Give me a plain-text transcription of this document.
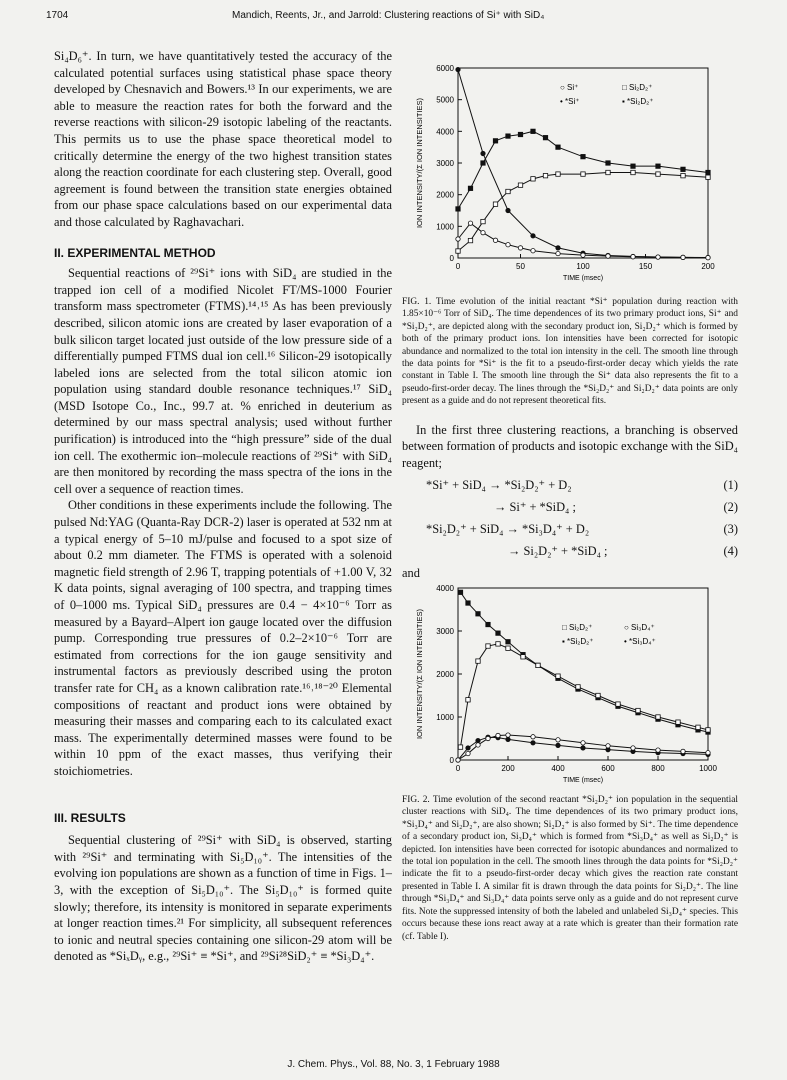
1704	Mandich, Reents, Jr., and Jarrold: Clustering reactions of Si⁺ with SiD₄

Si₄D₆⁺. In turn, we have quantitatively tested the accuracy of the calculated potential surfaces using statistical phase space theory developed by Chesnavich and Bowers.¹³ In our experiments, we are able to measure the reaction rates for both the forward and the reverse reactions with silicon-29 isotopic labeling of the reactants. This permits us to use the phase space theoretical model to critically determine the energy of the two highest transition states along the reaction coordinate for each clustering step. Overall, good agreement is found between the transition state energies obtained from our phase space calculations based on our experimental data and those calculated by Raghavachari.

II. EXPERIMENTAL METHOD

Sequential reactions of ²⁹Si⁺ ions with SiD₄ are studied in the trapped ion cell of a modified Nicolet FT/MS-1000 Fourier transform mass spectrometer (FTMS).¹⁴˒¹⁵ As has been previously described, silicon atomic ions are created by laser evaporation of a bulk silicon target located just outside of the low pressure side of a differentially pumped FTMS dual ion cell.¹⁶ Silicon-29 isotopically labeled ions are selected from the total silicon atomic ion population using standard double resonance techniques.¹⁷ SiD₄ (MSD Isotope Co., Inc., 99.7 at. % enriched in deuterium as determined by our mass spectral analysis; used without further purification) is introduced into the “high pressure” side of the dual ion cell. The exothermic ion–molecule reactions of ²⁹Si⁺ with SiD₄ are then monitored by recording the mass spectra of the ions in the cell over a sequence of reaction times.

Other conditions in these experiments include the following. The pulsed Nd:YAG (Quanta-Ray DCR-2) laser is operated at 532 nm at a typical energy of 5–10 mJ/pulse and focused to a spot size of about 0.2 mm diameter. The FTMS is operated with a solenoid magnetic field strength of 2.96 T, trapping potentials of +1.00 V, 32 K data points, signal averaging of 100 spectra, and trapping times of 0–1000 ms. Typical SiD₄ pressures are 0.4 − 4×10⁻⁶ Torr as measured by a Bayard–Alpert ion gauge located over the diffusion pump. Corresponding true pressures of 0.2–2×10⁻⁶ Torr are estimated from corrections for the ion gauge sensitivity and instrumental factors as previously described using the proton transfer rate for CH₄ as a known calibration rate.¹⁶˒¹⁸⁻²⁰ Elemental compositions of reactant and product ions were obtained by measuring their masses and comparing each to its calculated exact mass. The experimentally determined masses were found to be within 10 ppm of the exact masses, thus verifying their stoichiometries.

III. RESULTS

Sequential clustering of ²⁹Si⁺ with SiD₄ is observed, starting with ²⁹Si⁺ and terminating with Si₅D₁₀⁺. The intensities of the evolving ion populations are shown as a function of time in Figs. 1–3, with the exception of Si₅D₁₀⁺. The Si₅D₁₀⁺ is formed quite slowly; therefore, its intensity is monitored in separate experiments at longer reaction times.²¹ For simplicity, all subsequent references to ionic and neutral species containing one silicon-29 atom will be denoted as *SiₓDᵧ, e.g., ²⁹Si⁺ ≡ *Si⁺, and ²⁹Si²⁸SiD₂⁺ ≡ *Si₃D₄⁺.

0	50	100	150	200
0
1000
2000
3000
4000
5000
6000
TIME (msec)
ION INTENSITY/(Σ ION INTENSITIES)
○ Si⁺	□ Si₂D₂⁺
• *Si⁺	▪ *Si₂D₂⁺

FIG. 1. Time evolution of the initial reactant *Si⁺ population during reaction with 1.85×10⁻⁶ Torr of SiD₄. The time dependences of its two primary product ions, Si⁺ and *Si₂D₂⁺, are depicted along with the secondary product ion, Si₂D₂⁺ which is formed by both of the primary product ions. Ion intensities have been corrected for isotopic abundance and normalized to the total ion intensity in the cell. The smooth line through the data points for *Si⁺ is the fit to a pseudo-first-order decay which yields the rate constant in Table I. The smooth line through the Si⁺ data also represents the fit to a pseudo-first-order decay. The lines through the *Si₂D₂⁺ and Si₂D₂⁺ data points are only present as a guide and do not represent theoretical fits.

In the first three clustering reactions, a branching is observed between formation of products and isotopic exchange with the SiD₄ reagent;

*Si⁺ + SiD₄ → *Si₂D₂⁺ + D₂	(1)
→ Si⁺ + *SiD₄ ;	(2)
*Si₂D₂⁺ + SiD₄ → *Si₃D₄⁺ + D₂	(3)
→ Si₂D₂⁺ + *SiD₄ ;	(4)

and

0	200	400	600	800	1000
0
1000
2000
3000
4000
TIME (msec)
ION INTENSITY/(Σ ION INTENSITIES)	□ Si₂D₂⁺	○ Si₃D₄⁺
▪ *Si₂D₂⁺	• *Si₃D₄⁺

FIG. 2. Time evolution of the second reactant *Si₂D₂⁺ ion population in the sequential cluster reactions with SiD₄. The time dependences of its two primary product ions, *Si₃D₄⁺ and Si₂D₂⁺, are also shown; Si₂D₂⁺ is also formed by Si⁺. The time dependence of a secondary product ion, Si₃D₄⁺ which is formed from *Si₃D₄⁺ as well as Si₂D₂⁺ is depicted. Ion intensities have been corrected for isotopic abundances and normalized to the total ion population in the cell. The smooth lines through the data points for *Si₂D₂⁺ indicate the fit to a pseudo-first-order decay which gives the reaction rate constant presented in Table I. A similar fit is drawn through the data points for Si₂D₂⁺. The line through *Si₃D₄⁺ and Si₃D₄⁺ data points serve only as a guide and do not represent curve fits. Note the suppressed intensity of both the labeled and unlabeled Si₃D₄⁺ species. This occurs because these ions react away at a rate which is greater than their formation rate (cf. Table I).

J. Chem. Phys., Vol. 88, No. 3, 1 February 1988
